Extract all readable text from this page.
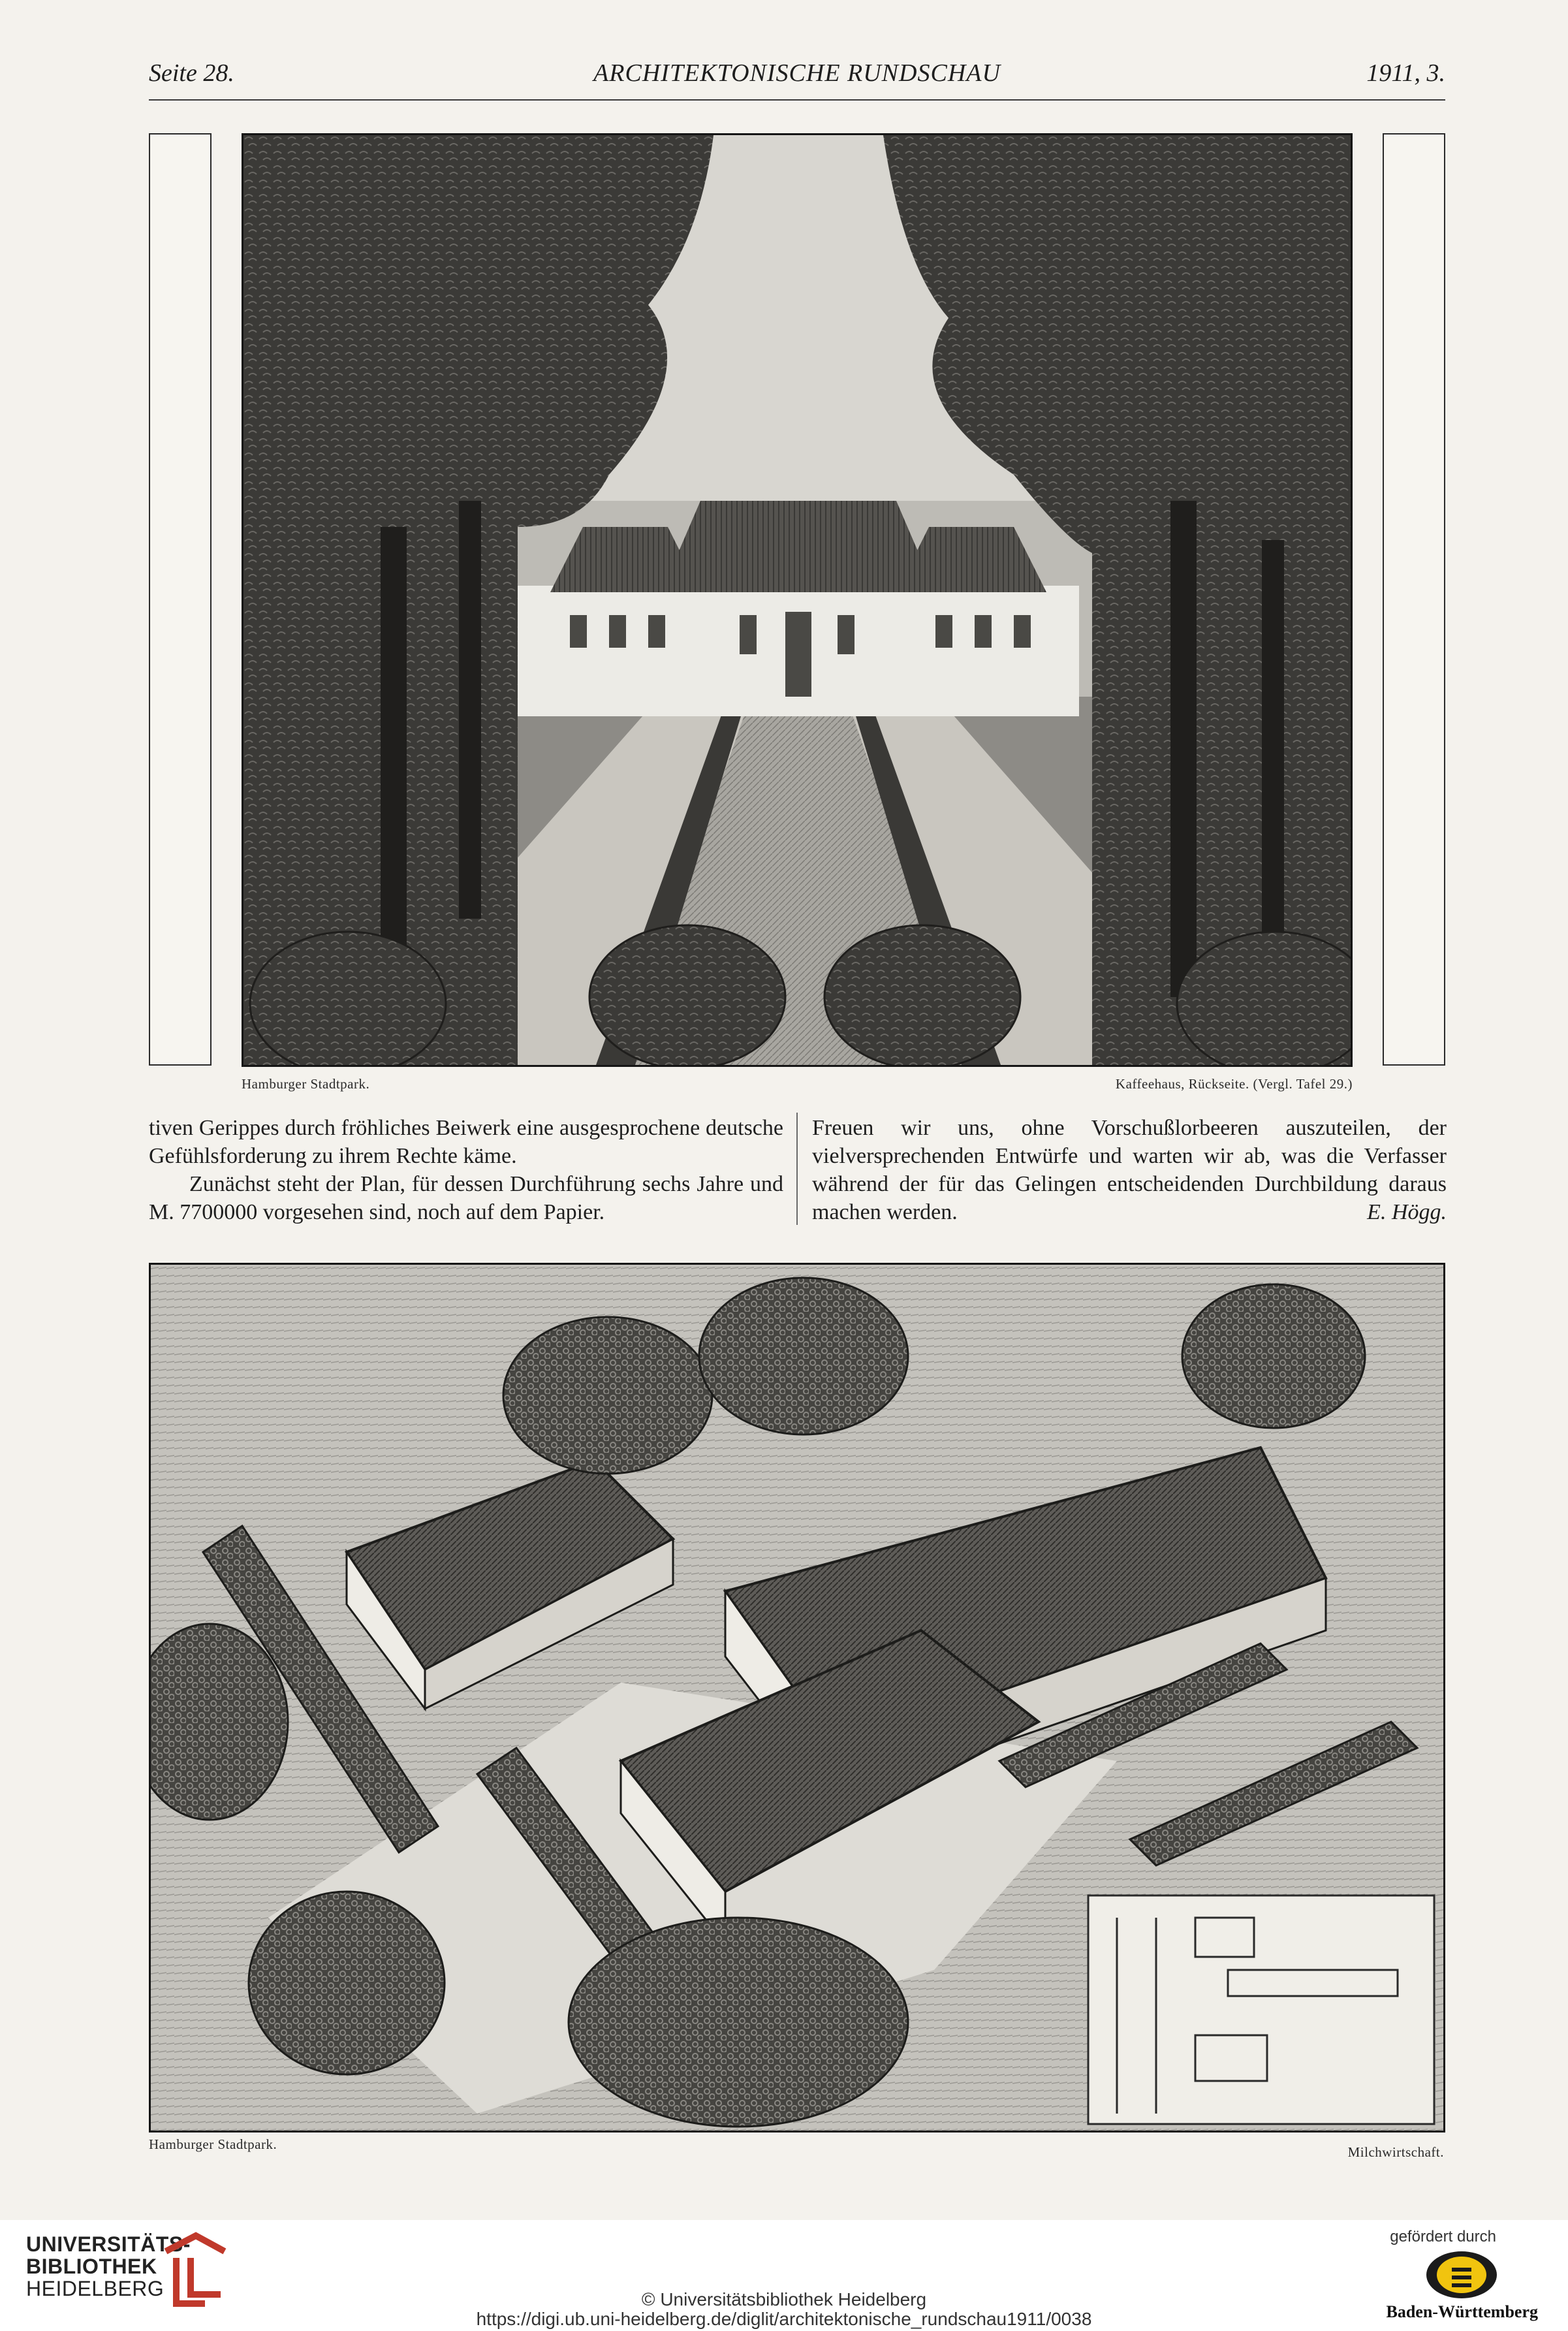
Seite 28.	ARCHITEKTONISCHE RUNDSCHAU	1911, 3.
Hamburger Stadtpark.	Kaffeehaus, Rückseite. (Vergl. Tafel 29.)

tiven Gerippes durch fröhliches Beiwerk eine ausgesprochene deutsche Gefühlsforderung zu ihrem Rechte käme.

Zunächst steht der Plan, für dessen Durchführung sechs Jahre und M. 7700000 vorgesehen sind, noch auf dem Papier.

Freuen wir uns, ohne Vorschußlorbeeren auszuteilen, der vielversprechenden Entwürfe und warten wir ab, was die Verfasser während der für das Gelingen entscheidenden Durchbildung daraus machen werden.	E. Högg.

Hamburger Stadtpark.	Milchwirtschaft.
UNIVERSITÄTS-
BIBLIOTHEK
HEIDELBERG	© Universitätsbibliothek Heidelberg
https://digi.ub.uni-heidelberg.de/diglit/architektonische_rundschau1911/0038
gefördert durch
Baden-Württemberg
